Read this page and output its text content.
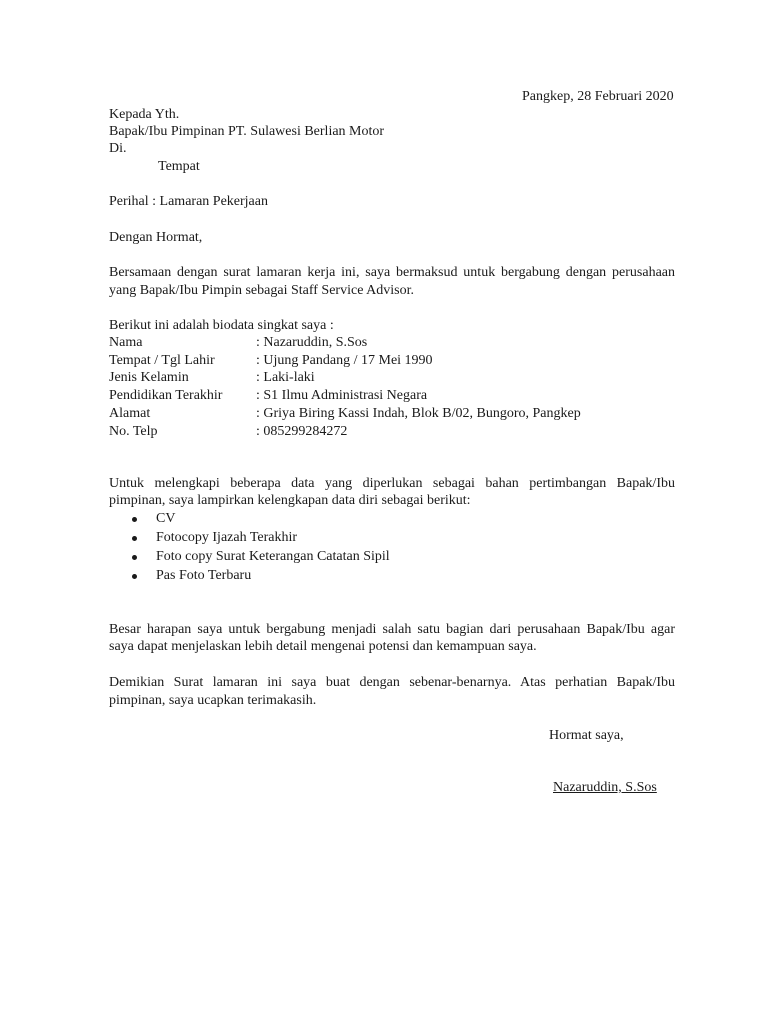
Pangkep, 28 Februari 2020
Kepada Yth.
Bapak/Ibu Pimpinan PT. Sulawesi Berlian Motor
Di.
Tempat
Perihal : Lamaran Pekerjaan
Dengan Hormat,
Bersamaan dengan surat lamaran kerja ini, saya bermaksud untuk bergabung dengan perusahaan
yang Bapak/Ibu Pimpin sebagai Staff Service Advisor.
Berikut ini adalah biodata singkat saya :
Nama	: Nazaruddin, S.Sos
Tempat / Tgl Lahir	: Ujung Pandang / 17 Mei 1990
Jenis Kelamin	: Laki-laki
Pendidikan Terakhir : S1 Ilmu Administrasi Negara
Alamat	: Griya Biring Kassi Indah, Blok B/02, Bungoro, Pangkep
No. Telp	: 085299284272
Untuk melengkapi beberapa data yang diperlukan sebagai bahan pertimbangan Bapak/Ibu
pimpinan, saya lampirkan kelengkapan data diri sebagai berikut:
CV
Fotocopy Ijazah Terakhir
Foto copy Surat Keterangan Catatan Sipil
Pas Foto Terbaru
Besar harapan saya untuk bergabung menjadi salah satu bagian dari perusahaan Bapak/Ibu agar
saya dapat menjelaskan lebih detail mengenai potensi dan kemampuan saya.
Demikian Surat lamaran ini saya buat dengan sebenar-benarnya. Atas perhatian Bapak/Ibu
pimpinan, saya ucapkan terimakasih.
Hormat saya,
Nazaruddin, S.Sos
